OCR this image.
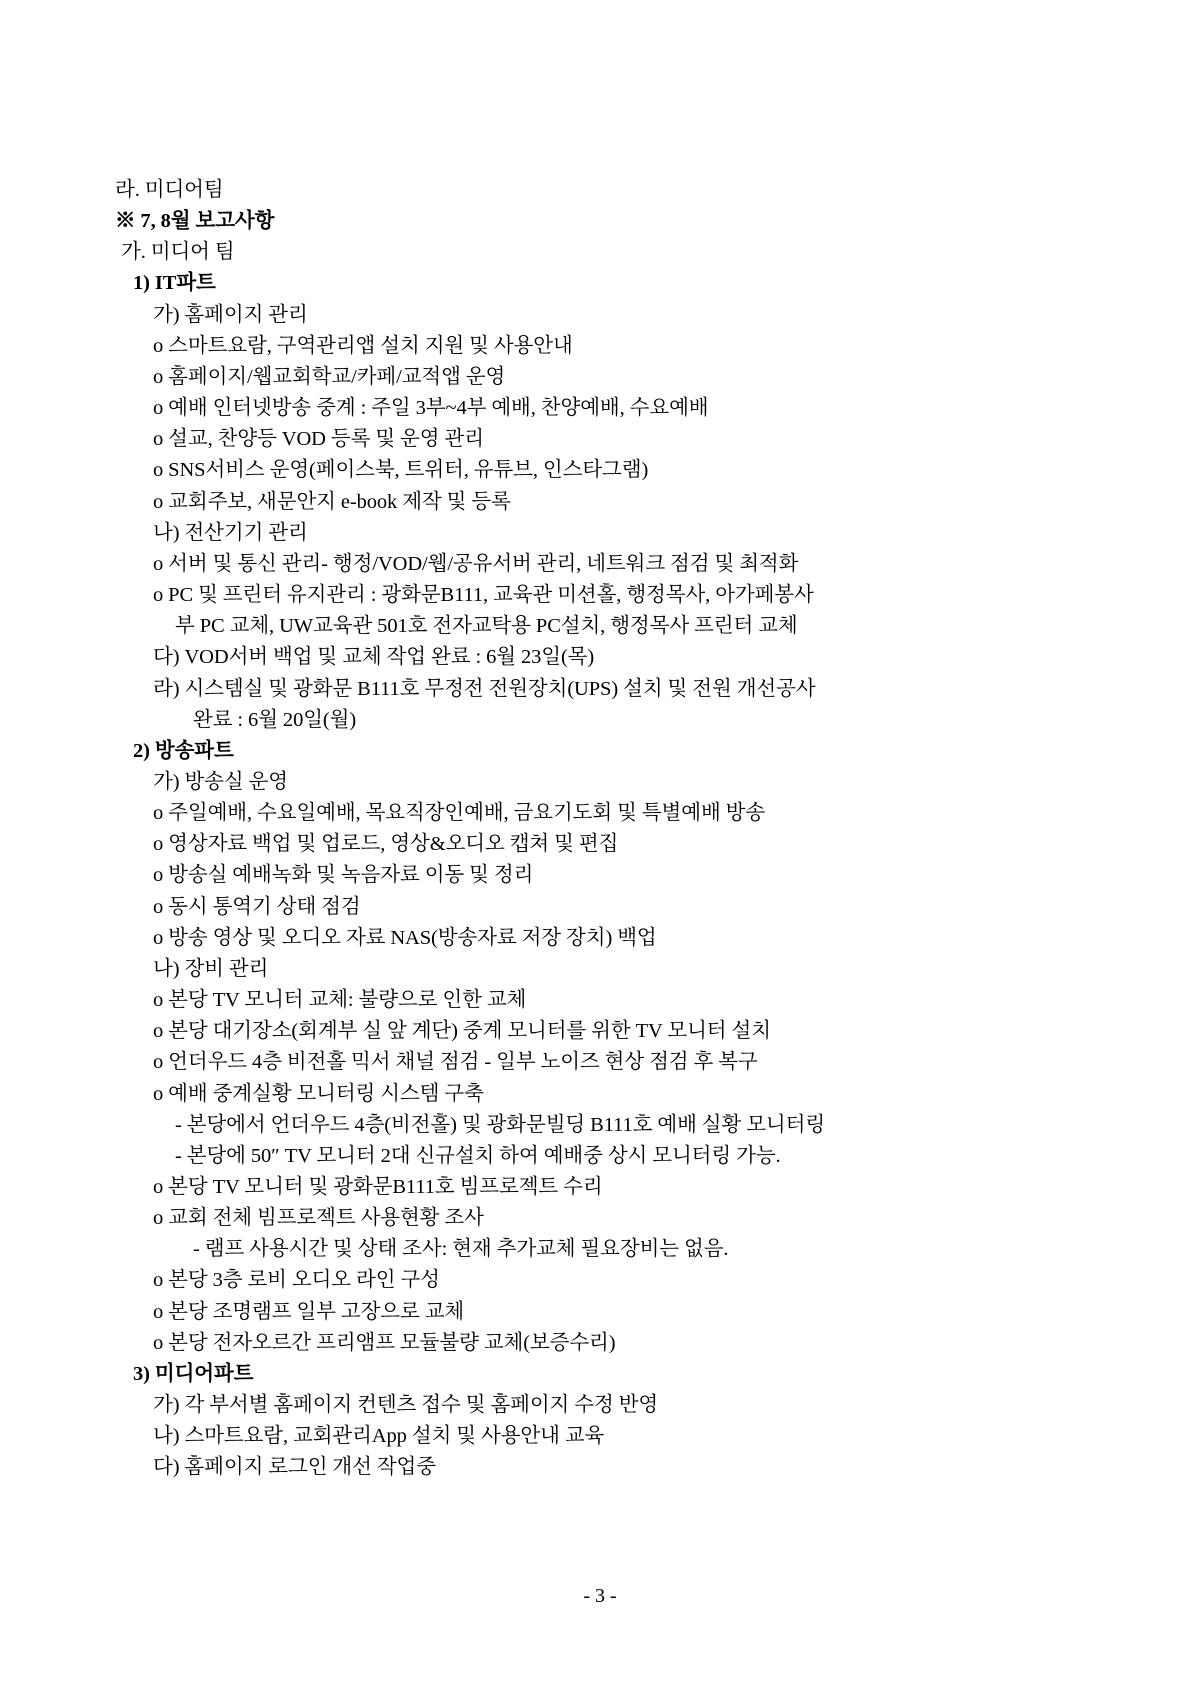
라. 미디어팀
※ 7, 8월 보고사항
가. 미디어 팀
1) IT파트
가) 홈페이지 관리
o 스마트요람, 구역관리앱 설치 지원 및 사용안내
o 홈페이지/웹교회학교/카페/교적앱 운영
o 예배 인터넷방송 중계 : 주일 3부~4부 예배, 찬양예배, 수요예배
o 설교, 찬양등 VOD 등록 및 운영 관리
o SNS서비스 운영(페이스북, 트위터, 유튜브, 인스타그램)
o 교회주보, 새문안지 e-book 제작 및 등록
나) 전산기기 관리
o 서버 및 통신 관리- 행정/VOD/웹/공유서버 관리, 네트워크 점검 및 최적화
o PC 및 프린터 유지관리 : 광화문B111, 교육관 미션홀, 행정목사, 아가페봉사
부 PC 교체, UW교육관 501호 전자교탁용 PC설치, 행정목사 프린터 교체
다) VOD서버 백업 및 교체 작업 완료 : 6월 23일(목)
라) 시스템실 및 광화문 B111호 무정전 전원장치(UPS) 설치 및 전원 개선공사
완료 : 6월 20일(월)
2) 방송파트
가) 방송실 운영
o 주일예배, 수요일예배, 목요직장인예배, 금요기도회 및 특별예배 방송
o 영상자료 백업 및 업로드, 영상&오디오 캡쳐 및 편집
o 방송실 예배녹화 및 녹음자료 이동 및 정리
o 동시 통역기 상태 점검
o 방송 영상 및 오디오 자료 NAS(방송자료 저장 장치) 백업
나) 장비 관리
o 본당 TV 모니터 교체: 불량으로 인한 교체
o 본당 대기장소(회계부 실 앞 계단) 중계 모니터를 위한 TV 모니터 설치
o 언더우드 4층 비전홀 믹서 채널 점검 - 일부 노이즈 현상 점검 후 복구
o 예배 중계실황 모니터링 시스템 구축
- 본당에서 언더우드 4층(비전홀) 및 광화문빌딩 B111호 예배 실황 모니터링
- 본당에 50″ TV 모니터 2대 신규설치 하여 예배중 상시 모니터링 가능.
o 본당 TV 모니터 및 광화문B111호 빔프로젝트 수리
o 교회 전체 빔프로젝트 사용현황 조사
- 램프 사용시간 및 상태 조사: 현재 추가교체 필요장비는 없음.
o 본당 3층 로비 오디오 라인 구성
o 본당 조명램프 일부 고장으로 교체
o 본당 전자오르간 프리앰프 모듈불량 교체(보증수리)
3) 미디어파트
가) 각 부서별 홈페이지 컨텐츠 접수 및 홈페이지 수정 반영
나) 스마트요람, 교회관리App 설치 및 사용안내 교육
다) 홈페이지 로그인 개선 작업중
- 3 -
